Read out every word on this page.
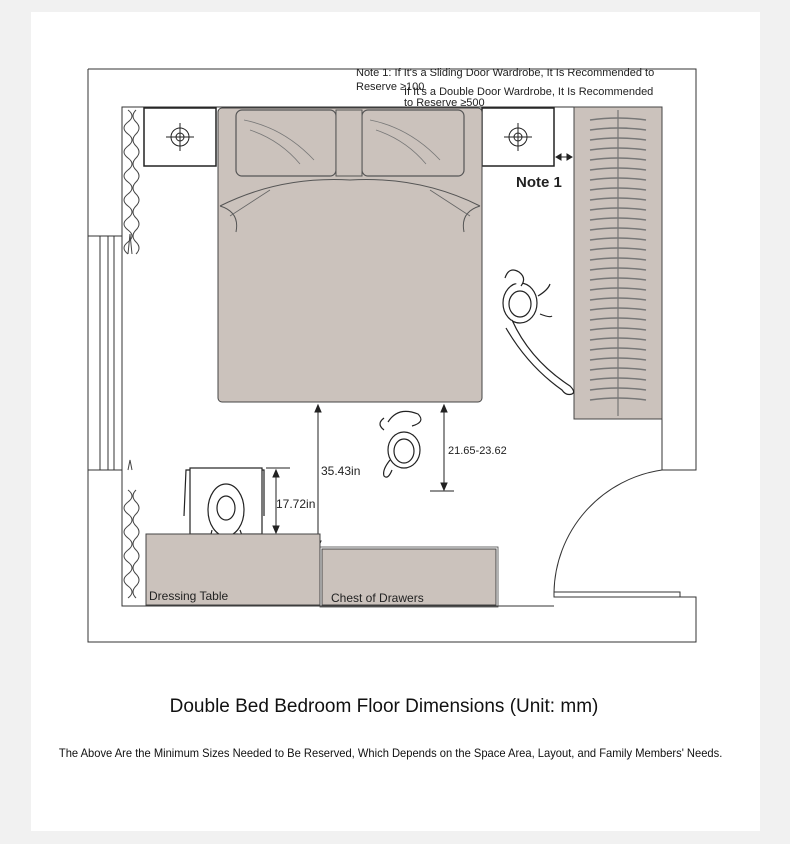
Note 1: If It's a Sliding Door Wardrobe, It Is Recommended to
Reserve ≥100
If It's a Double Door Wardrobe, It Is Recommended
to Reserve ≥500
Note 1
35.43in
21.65-23.62
17.72in
Dressing Table	Chest of Drawers
Double Bed Bedroom Floor Dimensions (Unit: mm)
The Above Are the Minimum Sizes Needed to Be Reserved, Which Depends on the Space Area, Layout, and Family Members' Needs.
